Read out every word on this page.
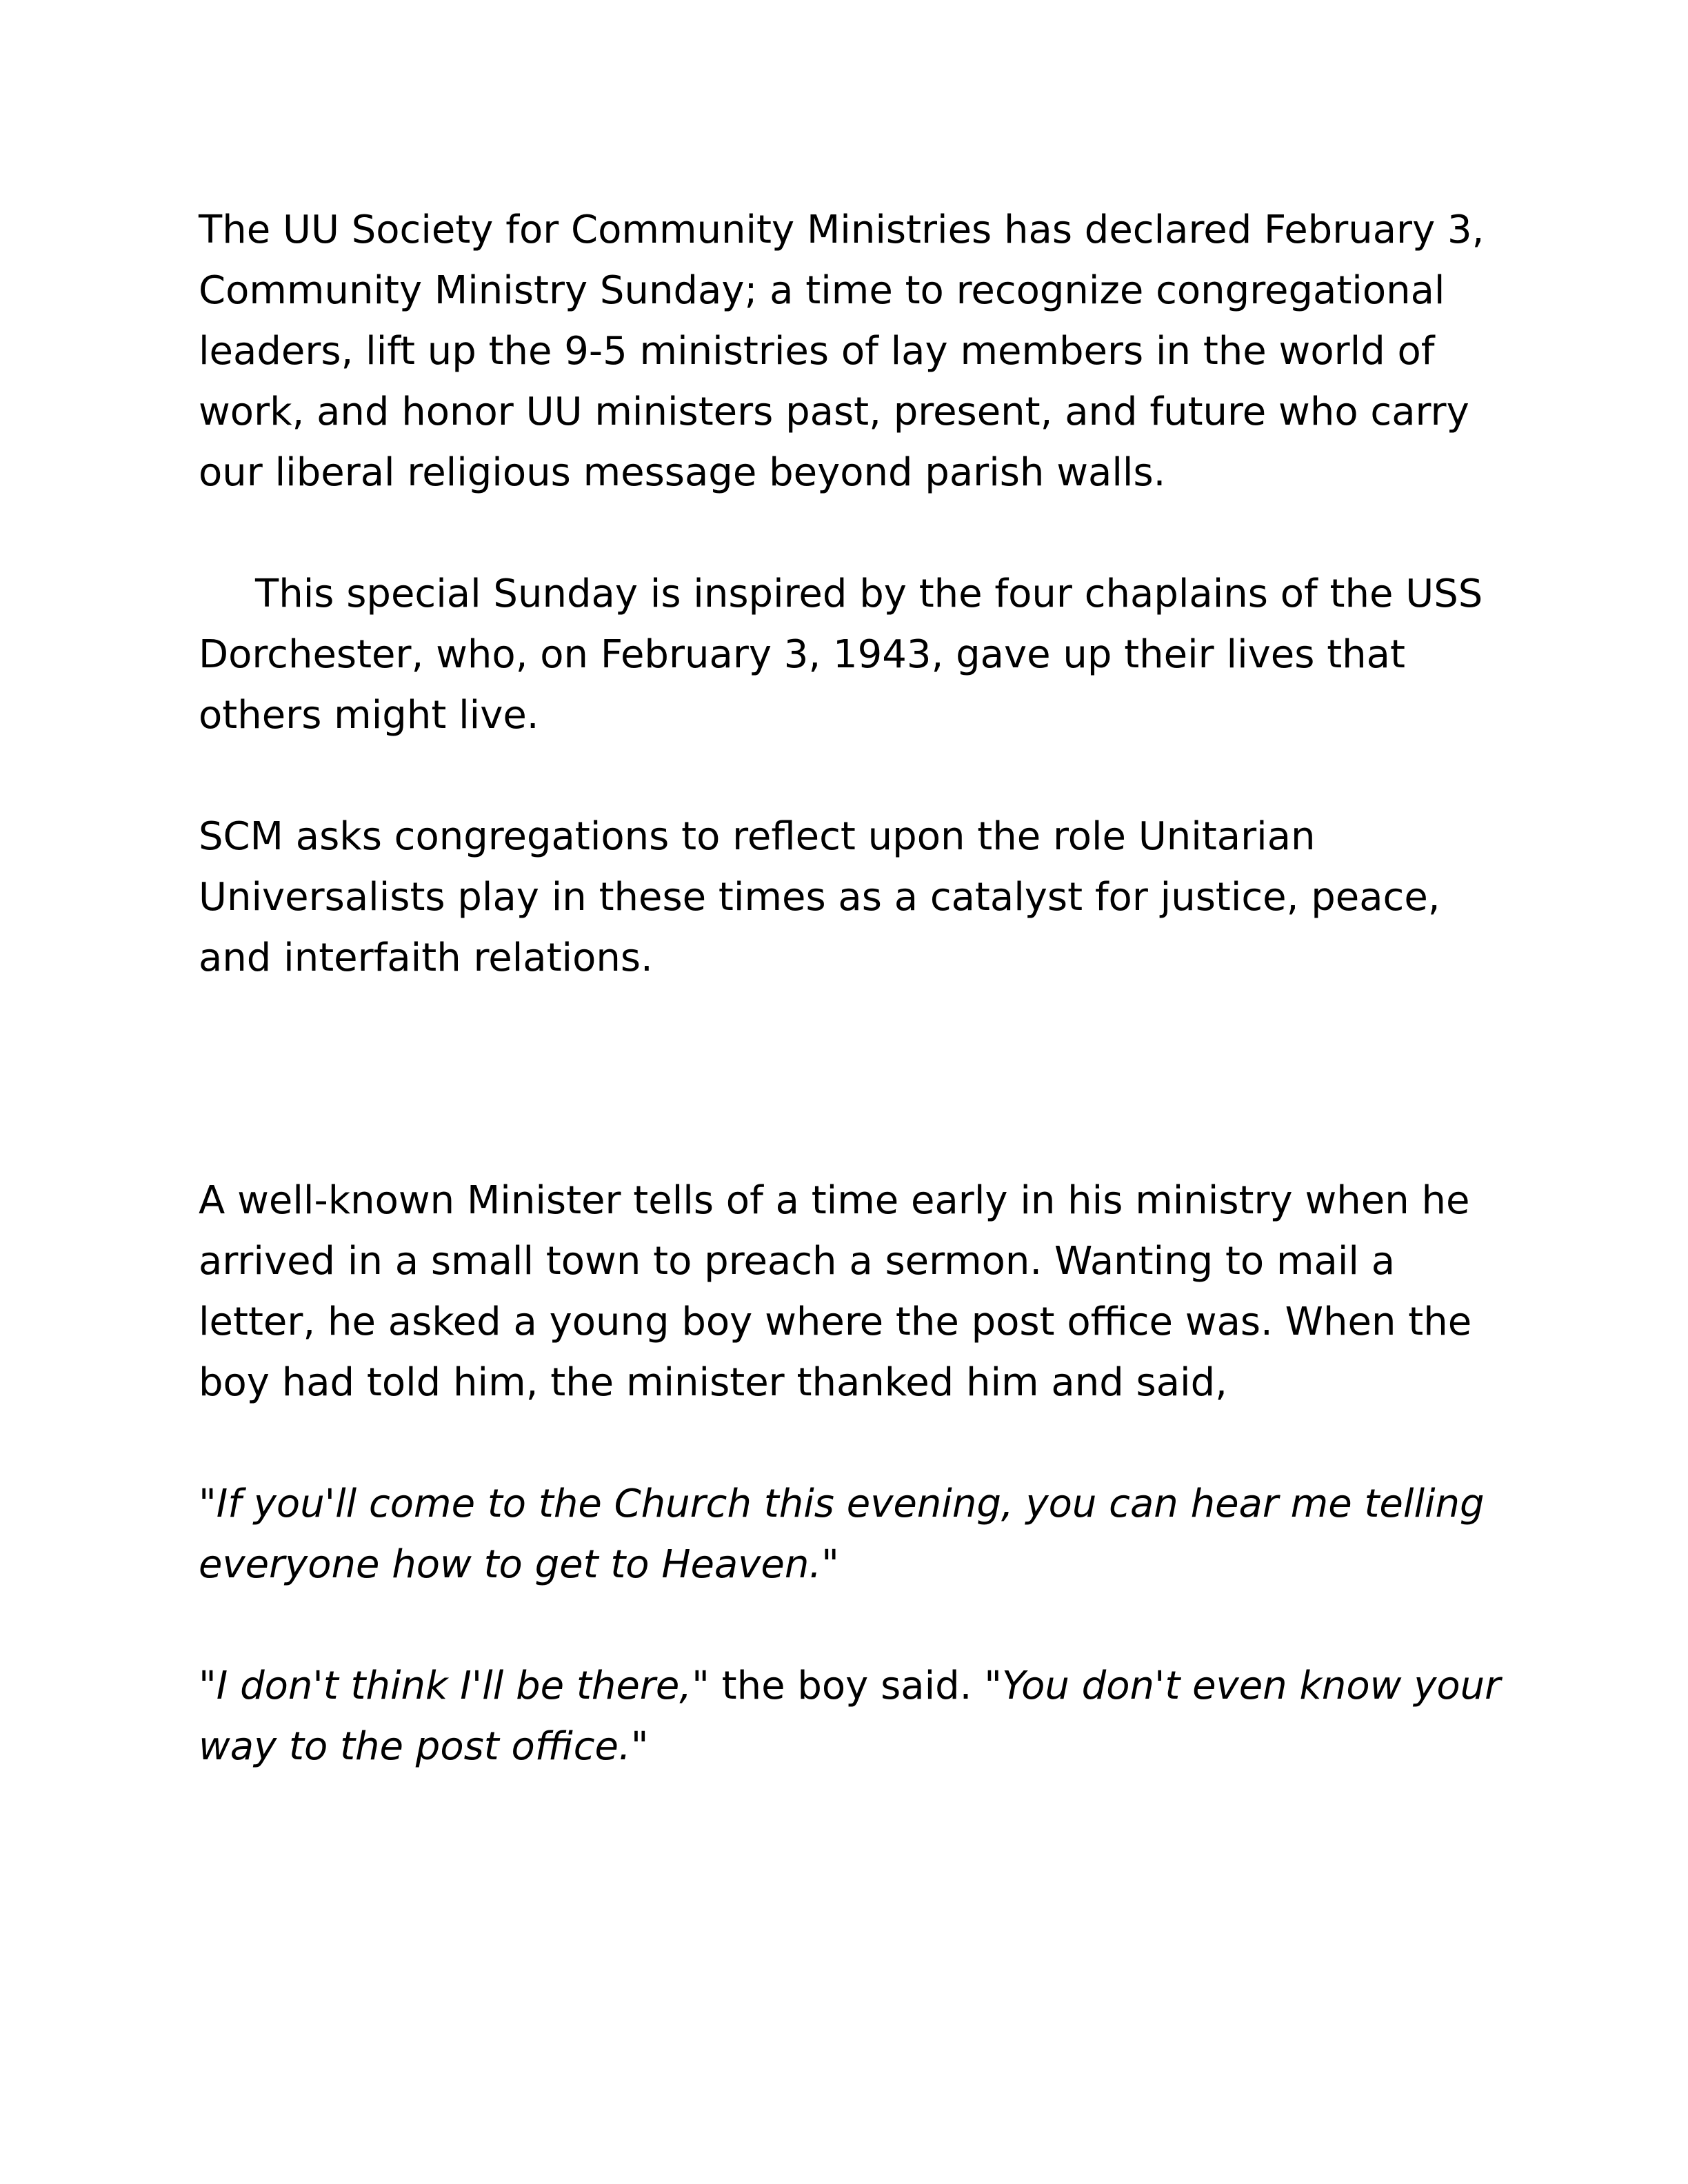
The UU Society for Community Ministries has declared February 3, Community Ministry Sunday; a time to recognize congregational leaders, lift up the 9-5 ministries of lay members in the world of work, and honor UU ministers past, present, and future who carry our liberal religious message beyond parish walls.

This special Sunday is inspired by the four chaplains of the USS Dorchester, who, on February 3, 1943, gave up their lives that others might live.

SCM asks congregations to reflect upon the role Unitarian Universalists play in these times as a catalyst for justice, peace, and interfaith relations.

A well-known Minister tells of a time early in his ministry when he arrived in a small town to preach a sermon. Wanting to mail a letter, he asked a young boy where the post office was. When the boy had told him, the minister thanked him and said,

"If you'll come to the Church this evening, you can hear me telling everyone how to get to Heaven."

"I don't think I'll be there," the boy said. "You don't even know your way to the post office."
